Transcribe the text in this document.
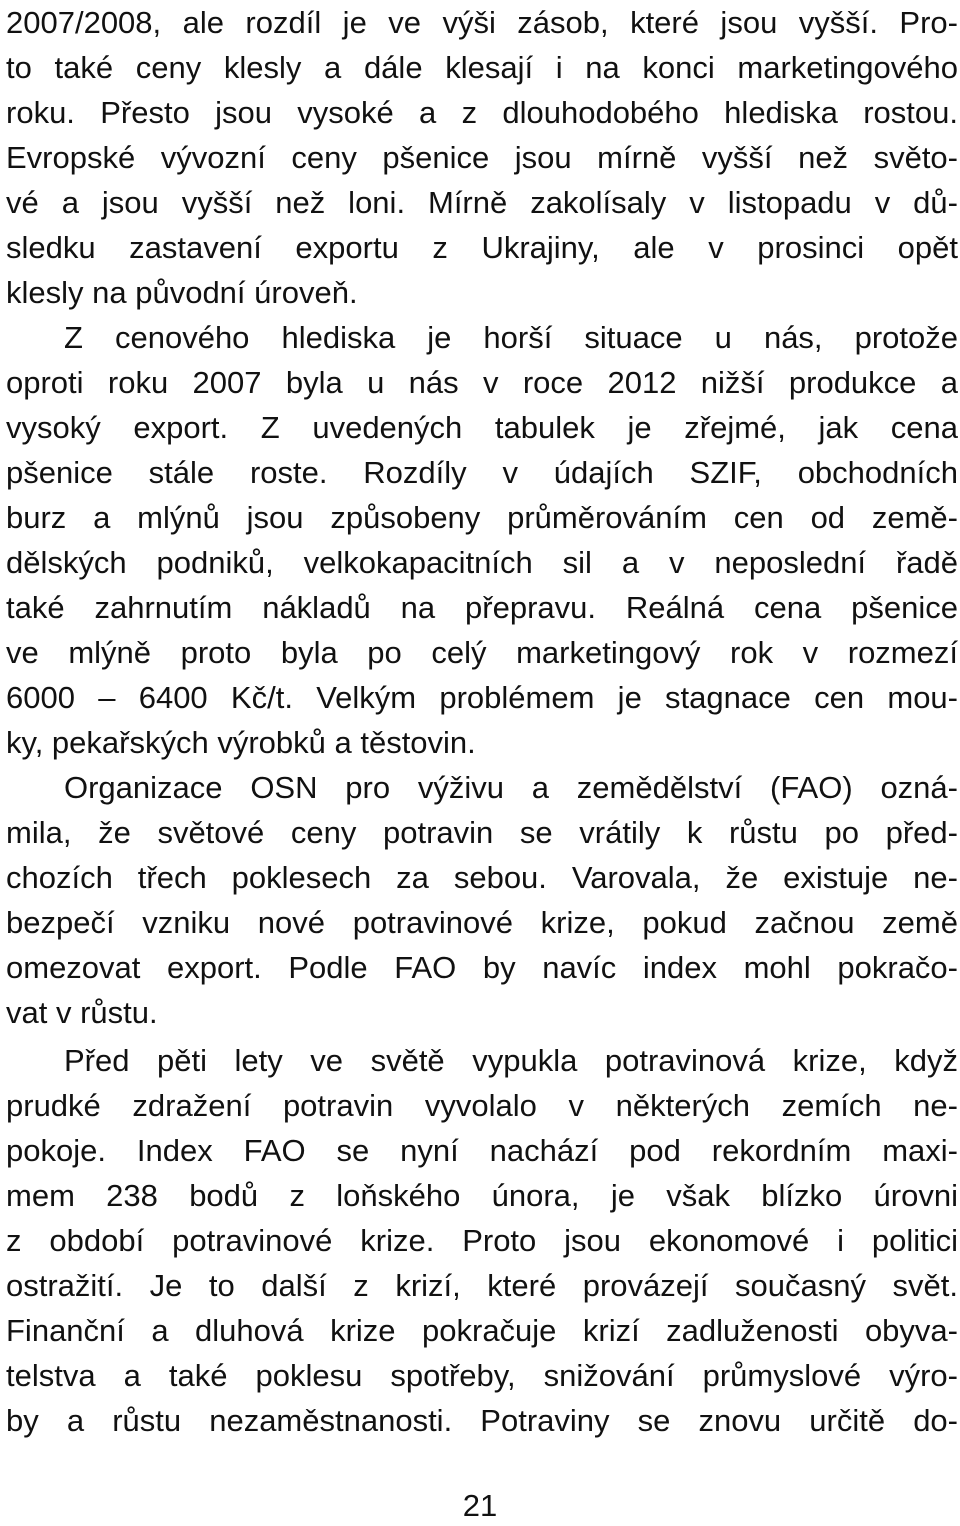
2007/2008, ale rozdíl je ve výši zásob, které jsou vyšší. Pro-
to také ceny klesly a dále klesají i na konci marketingového
roku. Přesto jsou vysoké a z dlouhodobého hlediska rostou.
Evropské vývozní ceny pšenice jsou mírně vyšší než světo-
vé a jsou vyšší než loni. Mírně zakolísaly v listopadu v dů-
sledku zastavení exportu z Ukrajiny, ale v prosinci opět
klesly na původní úroveň.
Z cenového hlediska je horší situace u nás, protože
oproti roku 2007 byla u nás v roce 2012 nižší produkce a
vysoký export. Z uvedených tabulek je zřejmé, jak cena
pšenice stále roste. Rozdíly v údajích SZIF, obchodních
burz a mlýnů jsou způsobeny průměrováním cen od země-
dělských podniků, velkokapacitních sil a v neposlední řadě
také zahrnutím nákladů na přepravu. Reálná cena pšenice
ve mlýně proto byla po celý marketingový rok v rozmezí
6000 – 6400 Kč/t. Velkým problémem je stagnace cen mou-
ky, pekařských výrobků a těstovin.
Organizace OSN pro výživu a zemědělství (FAO) ozná-
mila, že světové ceny potravin se vrátily k růstu po před-
chozích třech poklesech za sebou. Varovala, že existuje ne-
bezpečí vzniku nové potravinové krize, pokud začnou země
omezovat export. Podle FAO by navíc index mohl pokračo-
vat v růstu.
Před pěti lety ve světě vypukla potravinová krize, když
prudké zdražení potravin vyvolalo v některých zemích ne-
pokoje. Index FAO se nyní nachází pod rekordním maxi-
mem 238 bodů z loňského února, je však blízko úrovni
z období potravinové krize. Proto jsou ekonomové i politici
ostražití. Je to další z krizí, které provázejí současný svět.
Finanční a dluhová krize pokračuje krizí zadluženosti obyva-
telstva a také poklesu spotřeby, snižování průmyslové výro-
by a růstu nezaměstnanosti. Potraviny se znovu určitě do-
21
